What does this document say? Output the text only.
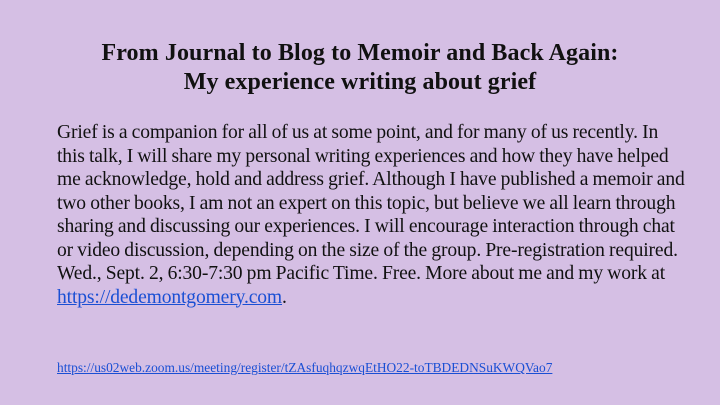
From Journal to Blog to Memoir and Back Again:
My experience writing about grief
Grief is a companion for all of us at some point, and for many of us recently. In this talk, I will share my personal writing experiences and how they have helped me acknowledge, hold and address grief. Although I have published a memoir and two other books, I am not an expert on this topic, but believe we all learn through sharing and discussing our experiences. I will encourage interaction through chat or video discussion, depending on the size of the group. Pre-registration required. Wed., Sept. 2, 6:30-7:30 pm Pacific Time. Free. More about me and my work at https://dedemontgomery.com.
https://us02web.zoom.us/meeting/register/tZAsfuqhqzwqEtHO22-toTBDEDNSuKWQVao7
